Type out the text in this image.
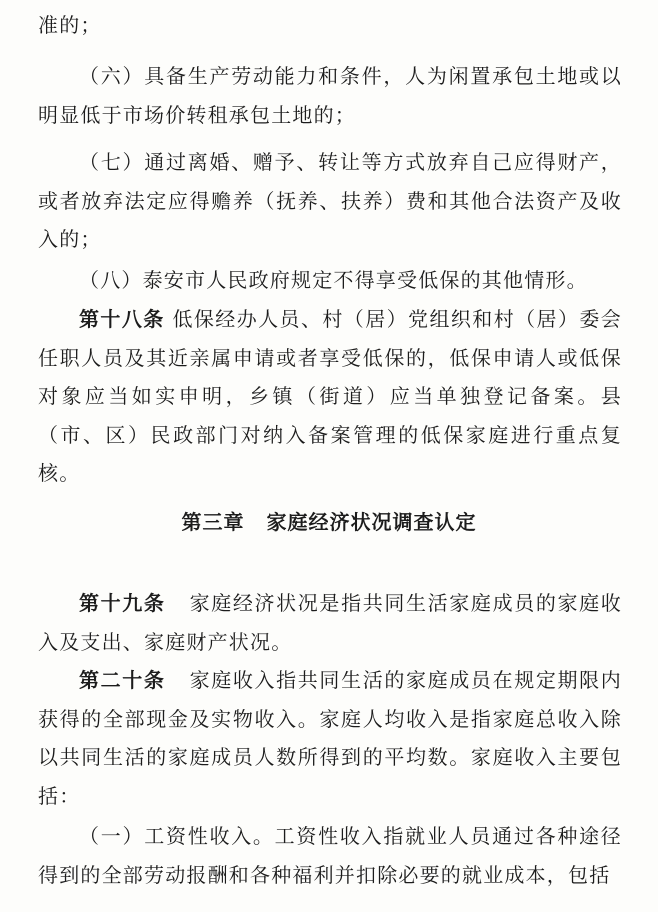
准的；

（六）具备生产劳动能力和条件，人为闲置承包土地或以明显低于市场价转租承包土地的；

（七）通过离婚、赠予、转让等方式放弃自己应得财产，或者放弃法定应得赡养（抚养、扶养）费和其他合法资产及收入的；

（八）泰安市人民政府规定不得享受低保的其他情形。

第十八条 低保经办人员、村（居）党组织和村（居）委会任职人员及其近亲属申请或者享受低保的，低保申请人或低保对象应当如实申明，乡镇（街道）应当单独登记备案。县（市、区）民政部门对纳入备案管理的低保家庭进行重点复核。

第三章 家庭经济状况调查认定

第十九条 家庭经济状况是指共同生活家庭成员的家庭收入及支出、家庭财产状况。

第二十条 家庭收入指共同生活的家庭成员在规定期限内获得的全部现金及实物收入。家庭人均收入是指家庭总收入除以共同生活的家庭成员人数所得到的平均数。家庭收入主要包括：

（一）工资性收入。工资性收入指就业人员通过各种途径得到的全部劳动报酬和各种福利并扣除必要的就业成本，包括
